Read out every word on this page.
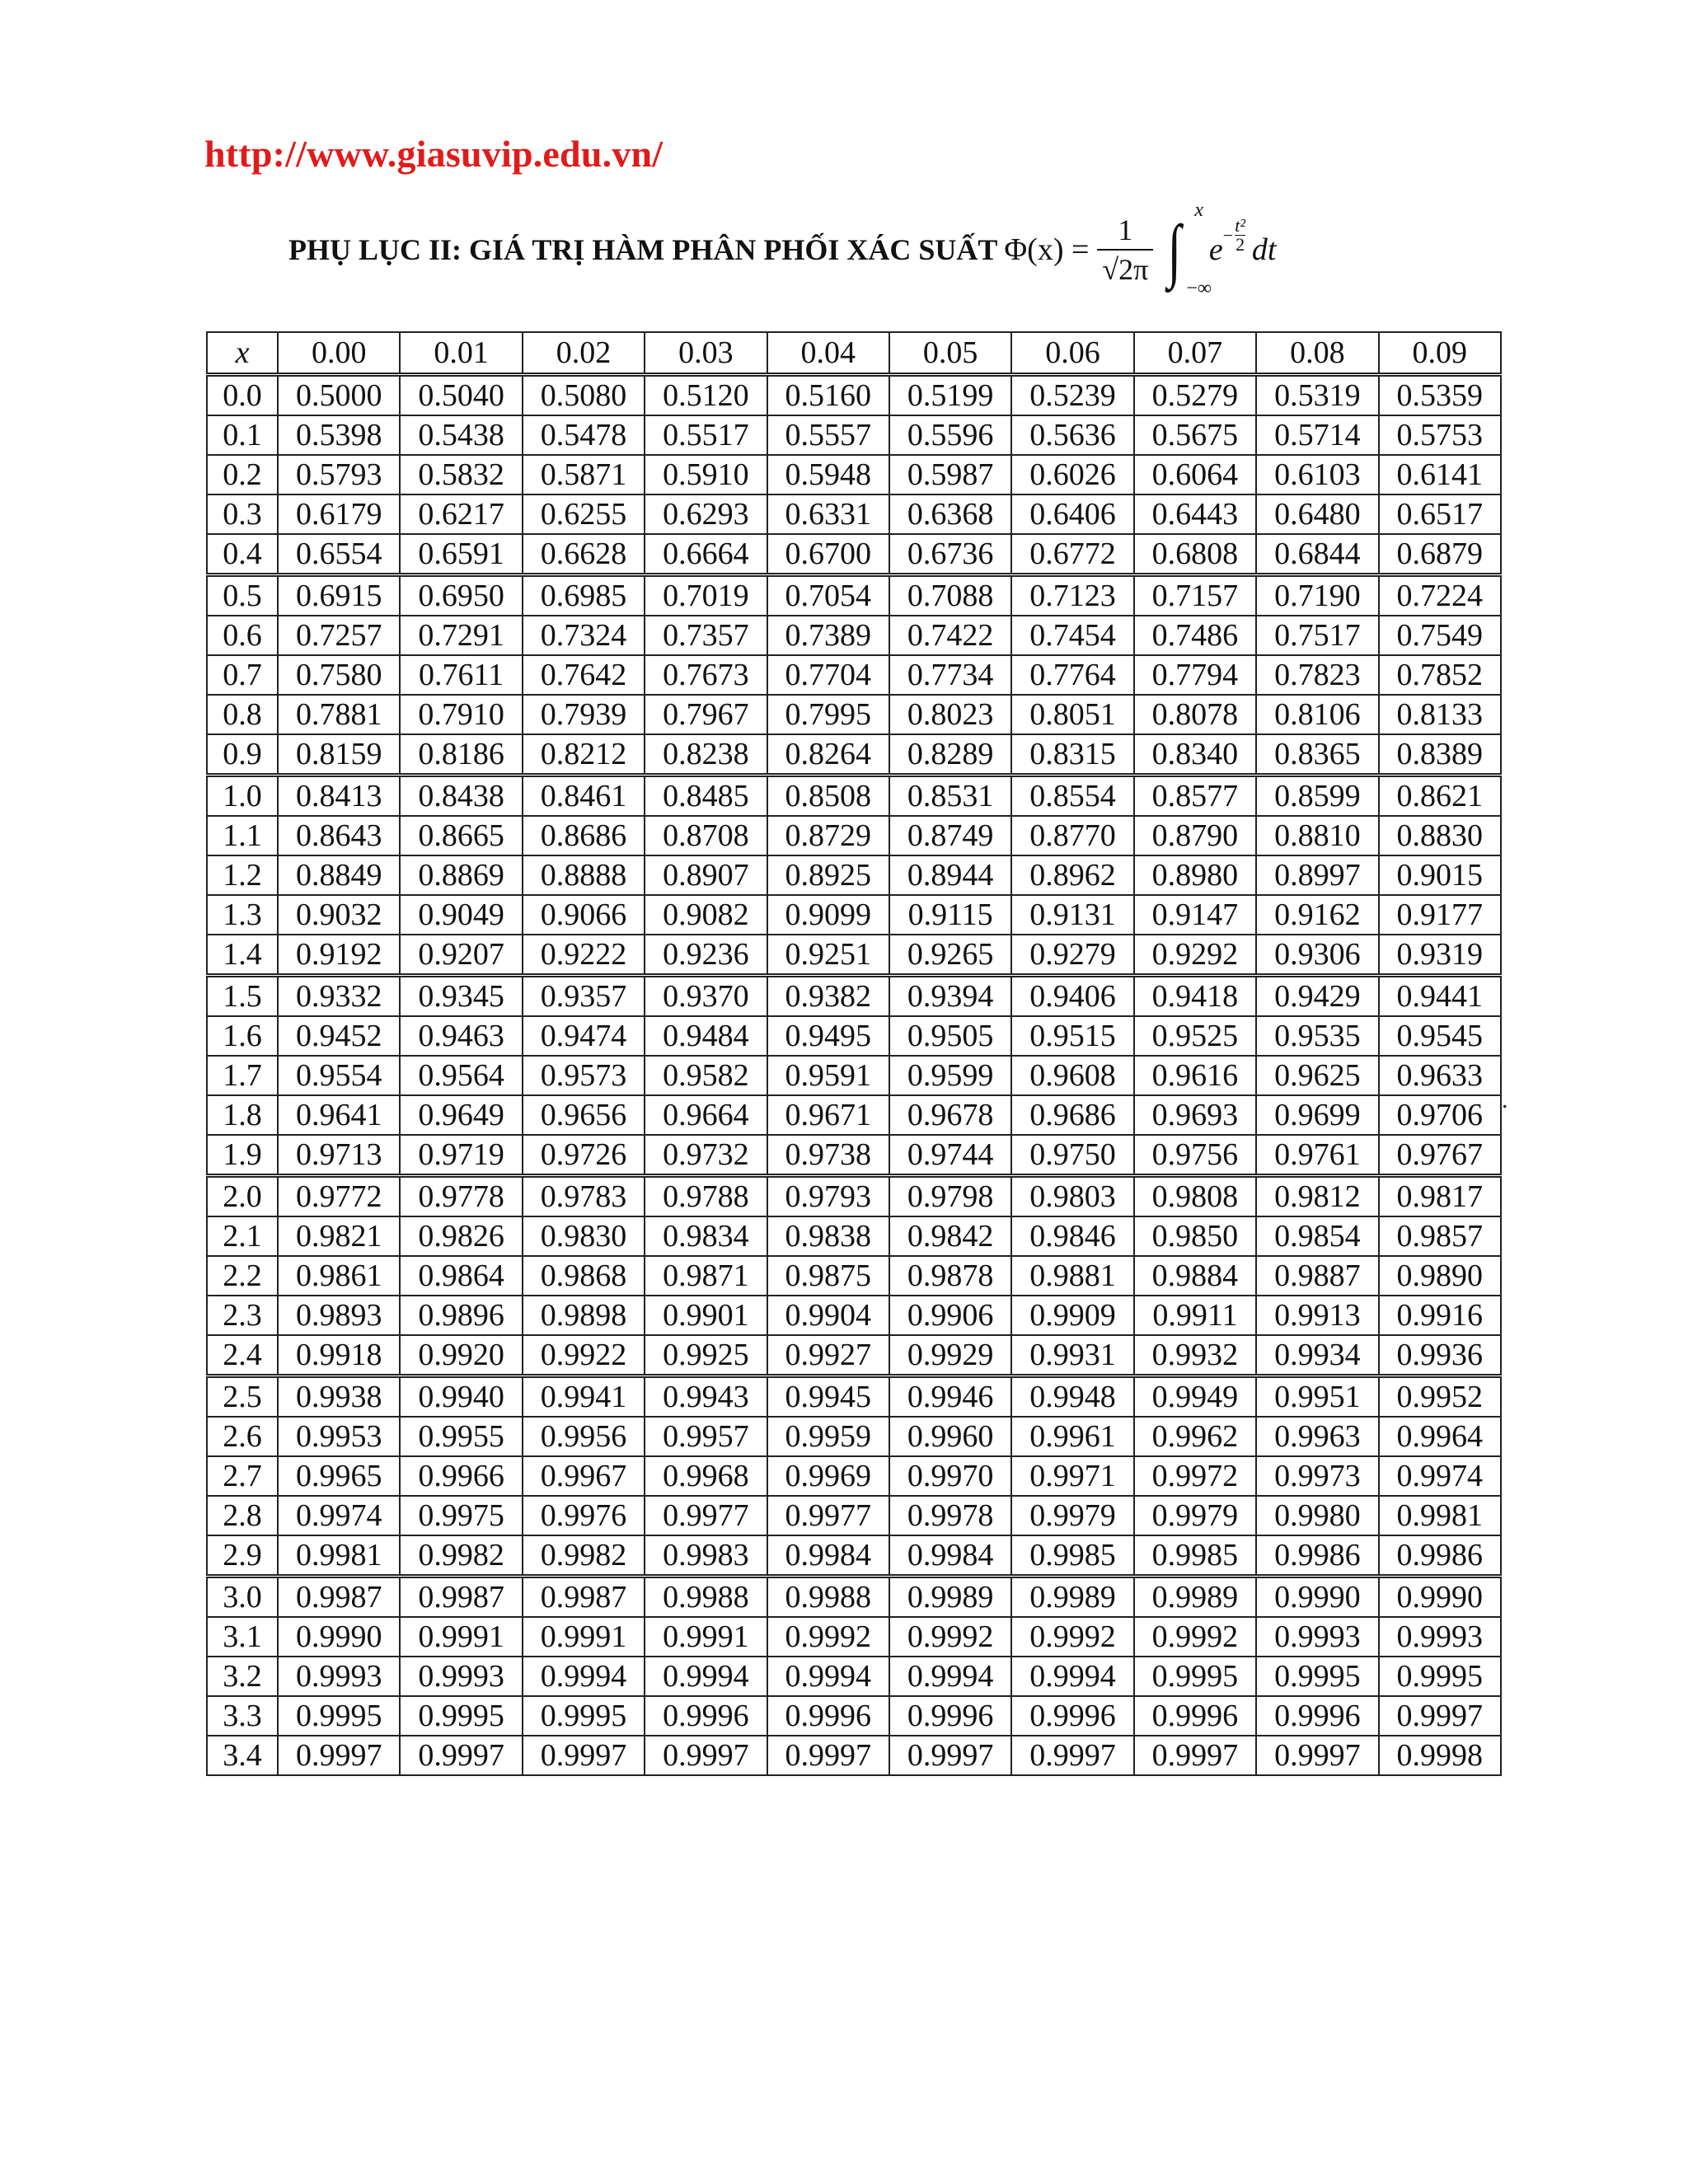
http://www.giasuvip.edu.vn/
PHỤ LỤC II: GIÁ TRỊ HÀM PHÂN PHỐI XÁC SUẤT $\Phi(x) = \frac{1}{√2\pi}$ ∫ x
−∞
$e - \frac{\text{t²}}{2}$ dt
x	0.00	0.01	0.02	0.03	0.04	0.05	0.06	0.07	0.08	0.09
0.0	0.5000	0.5040	0.5080	0.5120	0.5160	0.5199	0.5239	0.5279	0.5319	0.5359
0.1	0.5398	0.5438	0.5478	0.5517	0.5557	0.5596	0.5636	0.5675	0.5714	0.5753
0.2	0.5793	0.5832	0.5871	0.5910	0.5948	0.5987	0.6026	0.6064	0.6103	0.6141
0.3	0.6179	0.6217	0.6255	0.6293	0.6331	0.6368	0.6406	0.6443	0.6480	0.6517
0.4	0.6554	0.6591	0.6628	0.6664	0.6700	0.6736	0.6772	0.6808	0.6844	0.6879
0.5	0.6915	0.6950	0.6985	0.7019	0.7054	0.7088	0.7123	0.7157	0.7190	0.7224
0.6	0.7257	0.7291	0.7324	0.7357	0.7389	0.7422	0.7454	0.7486	0.7517	0.7549
0.7	0.7580	0.7611	0.7642	0.7673	0.7704	0.7734	0.7764	0.7794	0.7823	0.7852
0.8	0.7881	0.7910	0.7939	0.7967	0.7995	0.8023	0.8051	0.8078	0.8106	0.8133
0.9	0.8159	0.8186	0.8212	0.8238	0.8264	0.8289	0.8315	0.8340	0.8365	0.8389
1.0	0.8413	0.8438	0.8461	0.8485	0.8508	0.8531	0.8554	0.8577	0.8599	0.8621
1.1	0.8643	0.8665	0.8686	0.8708	0.8729	0.8749	0.8770	0.8790	0.8810	0.8830
1.2	0.8849	0.8869	0.8888	0.8907	0.8925	0.8944	0.8962	0.8980	0.8997	0.9015
1.3	0.9032	0.9049	0.9066	0.9082	0.9099	0.9115	0.9131	0.9147	0.9162	0.9177
1.4	0.9192	0.9207	0.9222	0.9236	0.9251	0.9265	0.9279	0.9292	0.9306	0.9319
1.5	0.9332	0.9345	0.9357	0.9370	0.9382	0.9394	0.9406	0.9418	0.9429	0.9441
1.6	0.9452	0.9463	0.9474	0.9484	0.9495	0.9505	0.9515	0.9525	0.9535	0.9545
1.7	0.9554	0.9564	0.9573	0.9582	0.9591	0.9599	0.9608	0.9616	0.9625	0.9633
1.8	0.9641	0.9649	0.9656	0.9664	0.9671	0.9678	0.9686	0.9693	0.9699	0.9706
1.9	0.9713	0.9719	0.9726	0.9732	0.9738	0.9744	0.9750	0.9756	0.9761	0.9767
2.0	0.9772	0.9778	0.9783	0.9788	0.9793	0.9798	0.9803	0.9808	0.9812	0.9817
2.1	0.9821	0.9826	0.9830	0.9834	0.9838	0.9842	0.9846	0.9850	0.9854	0.9857
2.2	0.9861	0.9864	0.9868	0.9871	0.9875	0.9878	0.9881	0.9884	0.9887	0.9890
2.3	0.9893	0.9896	0.9898	0.9901	0.9904	0.9906	0.9909	0.9911	0.9913	0.9916
2.4	0.9918	0.9920	0.9922	0.9925	0.9927	0.9929	0.9931	0.9932	0.9934	0.9936
2.5	0.9938	0.9940	0.9941	0.9943	0.9945	0.9946	0.9948	0.9949	0.9951	0.9952
2.6	0.9953	0.9955	0.9956	0.9957	0.9959	0.9960	0.9961	0.9962	0.9963	0.9964
2.7	0.9965	0.9966	0.9967	0.9968	0.9969	0.9970	0.9971	0.9972	0.9973	0.9974
2.8	0.9974	0.9975	0.9976	0.9977	0.9977	0.9978	0.9979	0.9979	0.9980	0.9981
2.9	0.9981	0.9982	0.9982	0.9983	0.9984	0.9984	0.9985	0.9985	0.9986	0.9986
3.0	0.9987	0.9987	0.9987	0.9988	0.9988	0.9989	0.9989	0.9989	0.9990	0.9990
3.1	0.9990	0.9991	0.9991	0.9991	0.9992	0.9992	0.9992	0.9992	0.9993	0.9993
3.2	0.9993	0.9993	0.9994	0.9994	0.9994	0.9994	0.9994	0.9995	0.9995	0.9995
3.3	0.9995	0.9995	0.9995	0.9996	0.9996	0.9996	0.9996	0.9996	0.9996	0.9997
3.4	0.9997	0.9997	0.9997	0.9997	0.9997	0.9997	0.9997	0.9997	0.9997	0.9998
.
